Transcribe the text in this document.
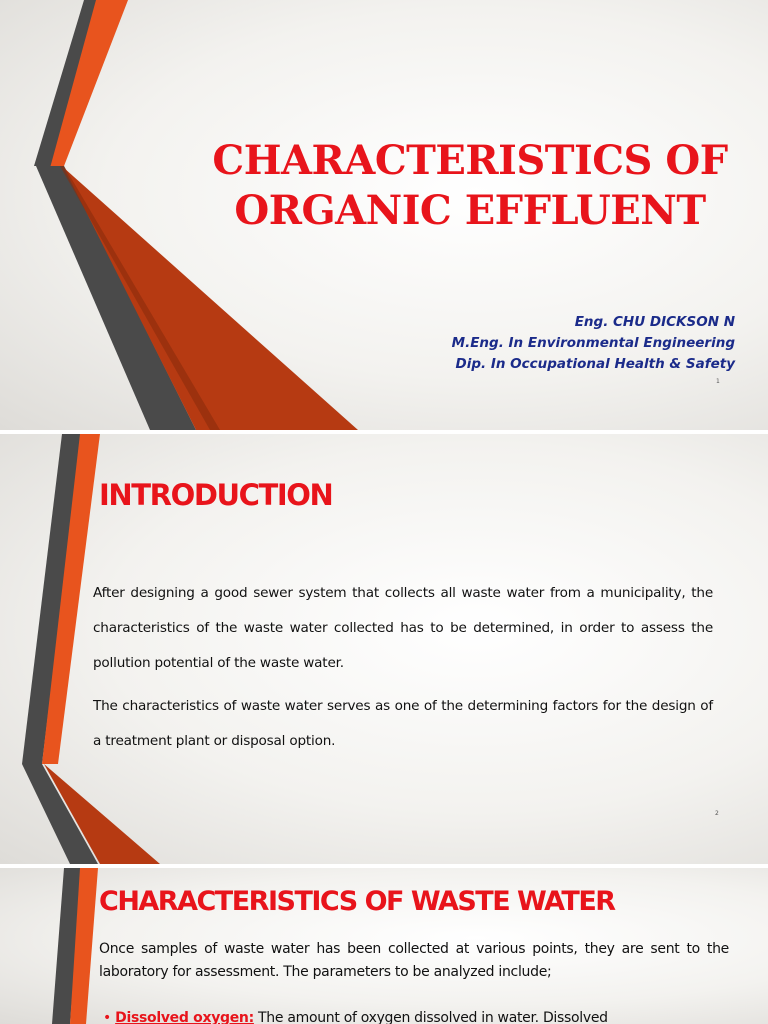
CHARACTERISTICS OF
ORGANIC EFFLUENT
Eng. CHU DICKSON N
M.Eng. In Environmental Engineering
Dip. In Occupational Health & Safety
1
INTRODUCTION
After designing a good sewer system that collects all waste water from a municipality, the characteristics of the waste water collected has to be determined, in order to assess the pollution potential of the waste water.
The characteristics of waste water serves as one of the determining factors for the design of a treatment plant or disposal option.
2
CHARACTERISTICS OF WASTE WATER
Once samples of waste water has been collected at various points, they are sent to the laboratory for assessment. The parameters to be analyzed include;
• Dissolved oxygen: The amount of oxygen dissolved in water. Dissolved
